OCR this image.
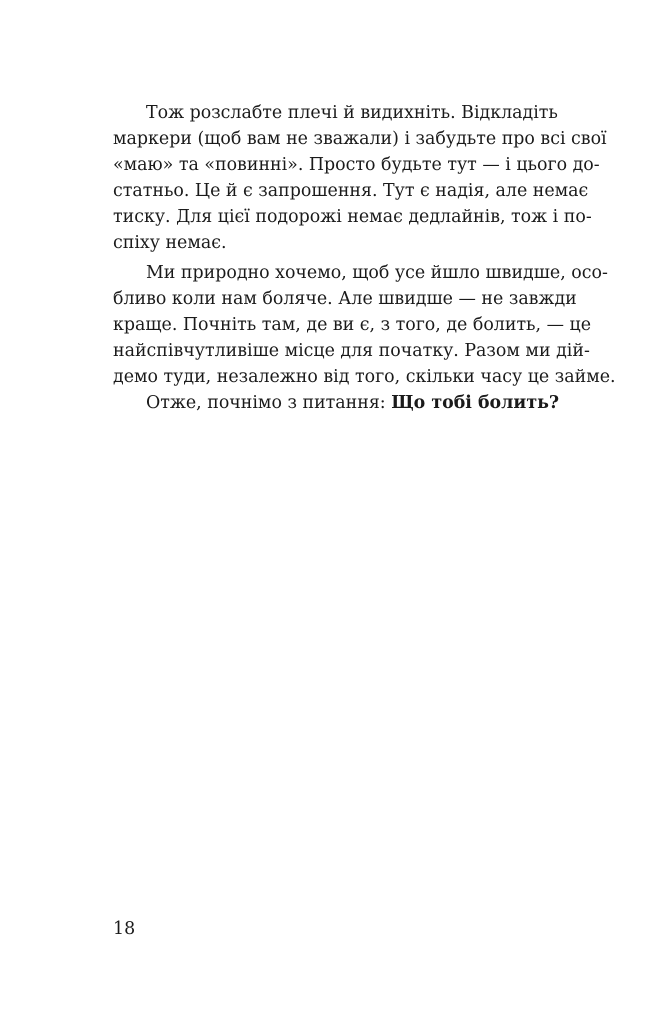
Тож розслабте плечі й видихніть. Відкладіть
маркери (щоб вам не зважали) і забудьте про всі свої
«маю» та «повинні». Просто будьте тут — і цього до-
статньо. Це й є запрошення. Тут є надія, але немає
тиску. Для цієї подорожі немає дедлайнів, тож і по-
спіху немає.
Ми природно хочемо, щоб усе йшло швидше, осо-
бливо коли нам боляче. Але швидше — не завжди
краще. Почніть там, де ви є, з того, де болить, — це
найспівчутливіше місце для початку. Разом ми дій-
демо туди, незалежно від того, скільки часу це займе.
Отже, почнімо з питання: Що тобі болить?
18
